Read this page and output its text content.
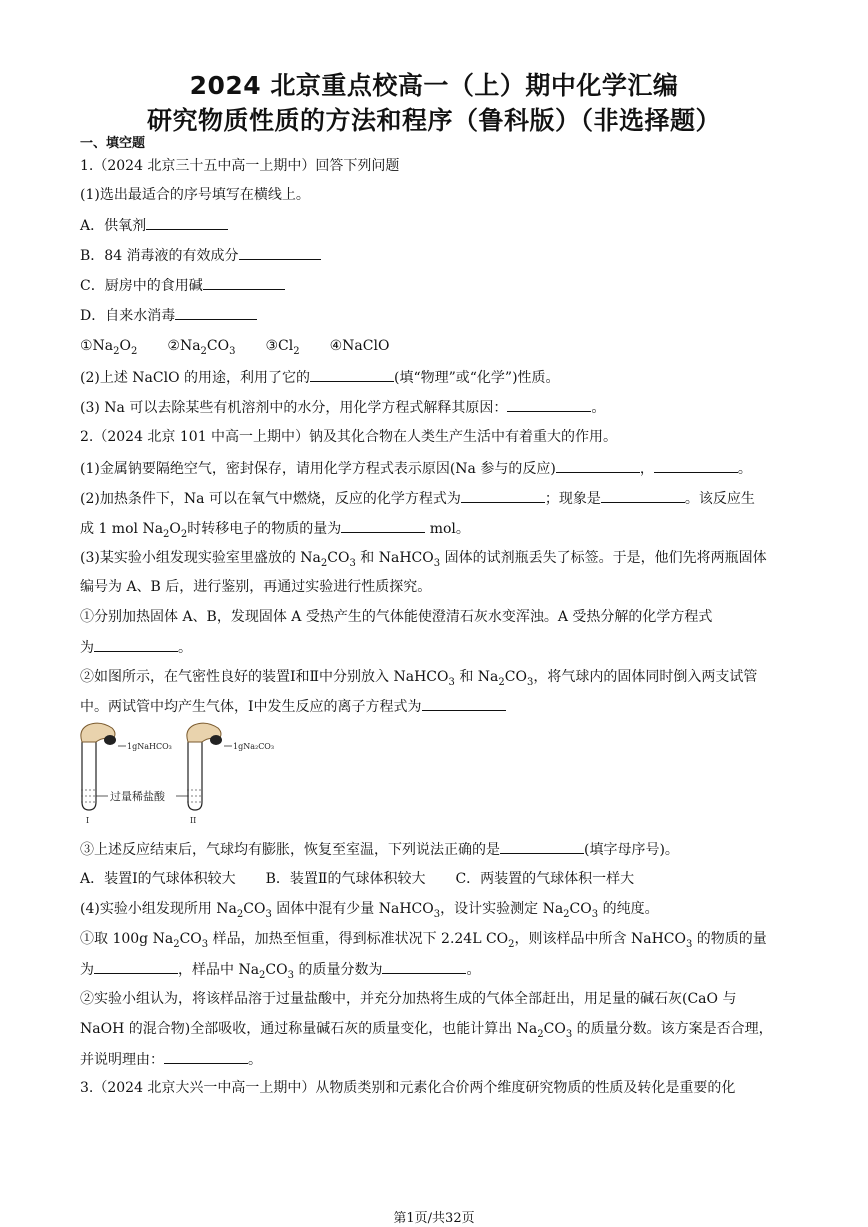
2024 北京重点校高一（上）期中化学汇编
研究物质性质的方法和程序（鲁科版）（非选择题）
一、填空题
1.（2024 北京三十五中高一上期中）回答下列问题
(1)选出最适合的序号填写在横线上。
A．供氧剂
B．84 消毒液的有效成分
C．厨房中的食用碱
D．自来水消毒
$①Na_2O_2$ $②Na_2CO_3$ $③Cl_2$ ④NaClO
(2)上述 NaClO 的用途，利用了它的	(填“物理”或“化学”)性质。
(3) Na 可以去除某些有机溶剂中的水分，用化学方程式解释其原因：	。
2.（2024 北京 101 中高一上期中）钠及其化合物在人类生产生活中有着重大的作用。
(1)金属钠要隔绝空气，密封保存，请用化学方程式表示原因(Na 参与的反应)	，	。
(2)加热条件下，Na 可以在氧气中燃烧，反应的化学方程式为	；现象是	。该反应生
成 1 mol $Na_2O_2$时转移电子的物质的量为	mol。
(3)某实验小组发现实验室里盛放的 $Na_2CO_3$ 和 NaHCO$_3$ 固体的试剂瓶丢失了标签。于是，他们先将两瓶固体
编号为 A、B 后，进行鉴别，再通过实验进行性质探究。
①分别加热固体 A、B，发现固体 A 受热产生的气体能使澄清石灰水变浑浊。A 受热分解的化学方程式
为	。
②如图所示，在气密性良好的装置Ⅰ和Ⅱ中分别放入 NaHCO$_3$ 和 $Na_2CO_3$，将气球内的固体同时倒入两支试管
中。两试管中均产生气体，Ⅰ中发生反应的离子方程式为
1gNaHCO₃	1gNa₂CO₃
过量稀盐酸
I	II
③上述反应结束后，气球均有膨胀，恢复至室温，下列说法正确的是	(填字母序号)。
A．装置Ⅰ的气球体积较大 B．装置Ⅱ的气球体积较大 C．两装置的气球体积一样大
(4)实验小组发现所用 $Na_2CO_3$ 固体中混有少量 NaHCO$_3$，设计实验测定 $Na_2CO_3$ 的纯度。
①取 100g $Na_2CO_3$ 样品，加热至恒重，得到标准状况下 2.24L $CO_2$，则该样品中所含 NaHCO$_3$ 的物质的量
为	，样品中 $Na_2CO_3$ 的质量分数为	。
②实验小组认为，将该样品溶于过量盐酸中，并充分加热将生成的气体全部赶出，用足量的碱石灰(CaO 与
NaOH 的混合物)全部吸收，通过称量碱石灰的质量变化，也能计算出 $Na_2CO_3$ 的质量分数。该方案是否合理，
并说明理由：	。
3.（2024 北京大兴一中高一上期中）从物质类别和元素化合价两个维度研究物质的性质及转化是重要的化
第1页/共32页
